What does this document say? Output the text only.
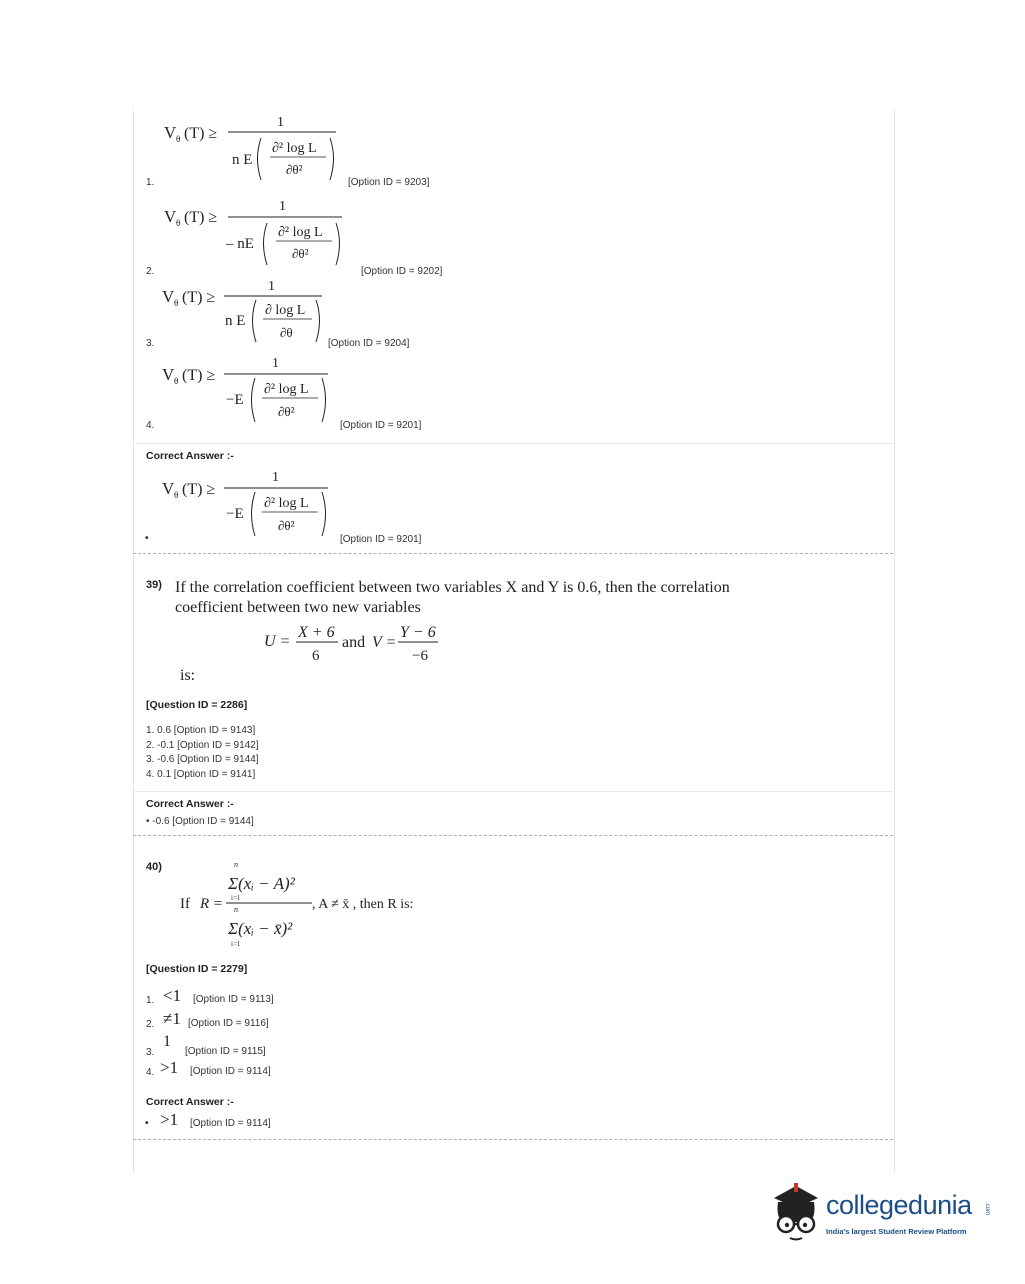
V θ (T) ≥
1
n E
∂² log L
∂θ²
1.	[Option ID = 9203]
V θ (T) ≥
1
– nE
∂² log L
∂θ²
2.	[Option ID = 9202]
V θ (T) ≥
1
n E
∂ log L
∂θ
3.	[Option ID = 9204]
V θ (T) ≥
1
−E
∂² log L
∂θ²
4.	[Option ID = 9201]
Correct Answer :-
V θ (T) ≥
1
−E
∂² log L
∂θ²
•	[Option ID = 9201]
39) If the correlation coefficient between two variables X and Y is 0.6, then the correlation
coefficient between two new variables
U =
X + 6
6
and V =
Y − 6
−6
is:
[Question ID = 2286]
1. 0.6 [Option ID = 9143]
2. -0.1 [Option ID = 9142]
3. -0.6 [Option ID = 9144]
4. 0.1 [Option ID = 9141]
Correct Answer :-
• -0.6 [Option ID = 9144]
40)
If R =
n
i=1
Σ(xᵢ − A)²
n
i=1
Σ(xᵢ − x̄)²
, A ≠ x̄ , then R is:
[Question ID = 2279]
1. <1 [Option ID = 9113]
2. ≠1 [Option ID = 9116]
1
3.	[Option ID = 9115]
4. >1 [Option ID = 9114]
Correct Answer :-
• >1 [Option ID = 9114]
collegedunia .com
India's largest Student Review Platform
